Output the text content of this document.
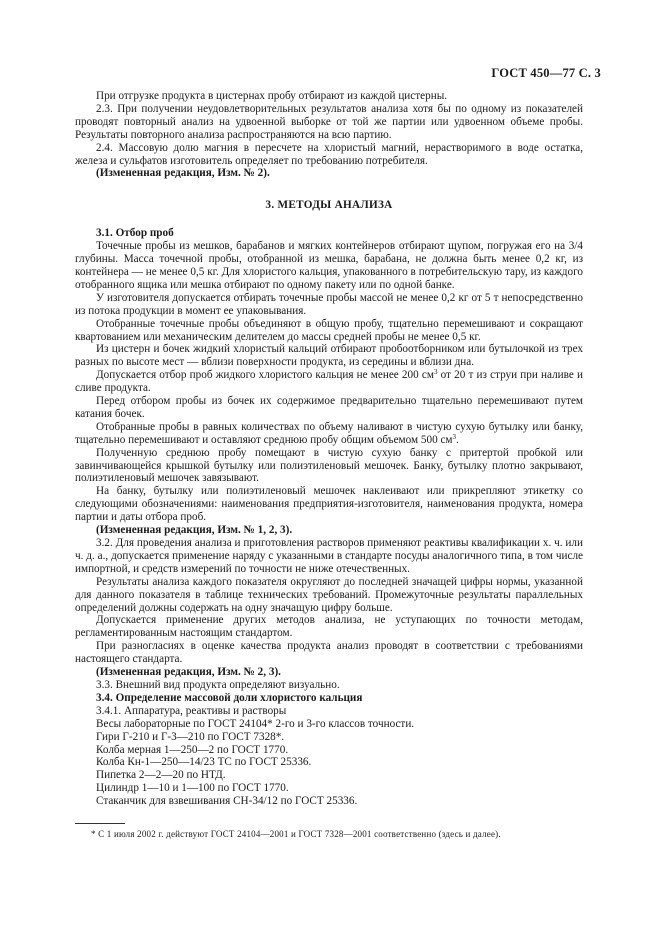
ГОСТ 450—77 С. 3

При отгрузке продукта в цистернах пробу отбирают из каждой цистерны.

2.3. При получении неудовлетворительных результатов анализа хотя бы по одному из показателей проводят повторный анализ на удвоенной выборке от той же партии или удвоенном объеме пробы. Результаты повторного анализа распространяются на всю партию.

2.4. Массовую долю магния в пересчете на хлористый магний, нерастворимого в воде остатка, железа и сульфатов изготовитель определяет по требованию потребителя.

(Измененная редакция, Изм. № 2).

3. МЕТОДЫ АНАЛИЗА

3.1. Отбор проб

Точечные пробы из мешков, барабанов и мягких контейнеров отбирают щупом, погружая его на 3/4 глубины. Масса точечной пробы, отобранной из мешка, барабана, не должна быть менее 0,2 кг, из контейнера — не менее 0,5 кг. Для хлористого кальция, упакованного в потребительскую тару, из каждого отобранного ящика или мешка отбирают по одному пакету или по одной банке.

У изготовителя допускается отбирать точечные пробы массой не менее 0,2 кг от 5 т непосредственно из потока продукции в момент ее упаковывания.

Отобранные точечные пробы объединяют в общую пробу, тщательно перемешивают и сокращают квартованием или механическим делителем до массы средней пробы не менее 0,5 кг.

Из цистерн и бочек жидкий хлористый кальций отбирают пробоотборником или бутылочкой из трех разных по высоте мест — вблизи поверхности продукта, из середины и вблизи дна.

Допускается отбор проб жидкого хлористого кальция не менее 200 $см^3$ от 20 т из струи при наливе и сливе продукта.

Перед отбором пробы из бочек их содержимое предварительно тщательно перемешивают путем катания бочек.

Отобранные пробы в равных количествах по объему наливают в чистую сухую бутылку или банку, тщательно перемешивают и оставляют среднюю пробу общим объемом 500 $см^3$.

Полученную среднюю пробу помещают в чистую сухую банку с притертой пробкой или завинчивающейся крышкой бутылку или полиэтиленовый мешочек. Банку, бутылку плотно закрывают, полиэтиленовый мешочек завязывают.

На банку, бутылку или полиэтиленовый мешочек наклеивают или прикрепляют этикетку со следующими обозначениями: наименования предприятия-изготовителя, наименования продукта, номера партии и даты отбора проб.

(Измененная редакция, Изм. № 1, 2, 3).

3.2. Для проведения анализа и приготовления растворов применяют реактивы квалификации х. ч. или ч. д. а., допускается применение наряду с указанными в стандарте посуды аналогичного типа, в том числе импортной, и средств измерений по точности не ниже отечественных.

Результаты анализа каждого показателя округляют до последней значащей цифры нормы, указанной для данного показателя в таблице технических требований. Промежуточные результаты параллельных определений должны содержать на одну значащую цифру больше.

Допускается применение других методов анализа, не уступающих по точности методам, регламентированным настоящим стандартом.

При разногласиях в оценке качества продукта анализ проводят в соответствии с требованиями настоящего стандарта.

(Измененная редакция, Изм. № 2, 3).

3.3. Внешний вид продукта определяют визуально.

3.4. Определение массовой доли хлористого кальция

3.4.1. Аппаратура, реактивы и растворы

Весы лабораторные по ГОСТ 24104* 2-го и 3-го классов точности.

Гири Г-210 и Г-3—210 по ГОСТ 7328*.

Колба мерная 1—250—2 по ГОСТ 1770.

Колба Кн-1—250—14/23 ТС по ГОСТ 25336.

Пипетка 2—2—20 по НТД.

Цилиндр 1—10 и 1—100 по ГОСТ 1770.

Стаканчик для взвешивания СН-34/12 по ГОСТ 25336.

* С 1 июля 2002 г. действуют ГОСТ 24104—2001 и ГОСТ 7328—2001 соответственно (здесь и далее).
